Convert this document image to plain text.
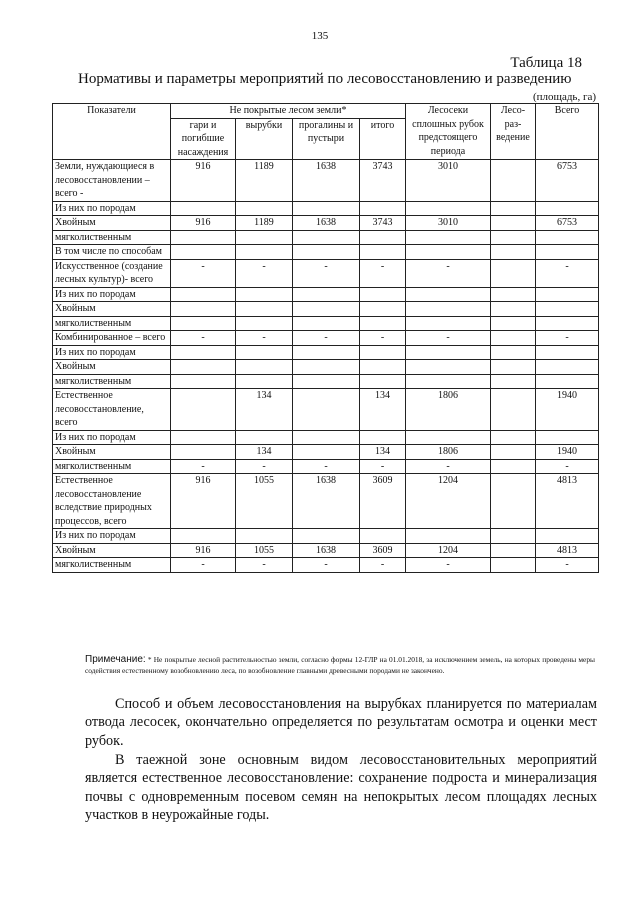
135
Таблица 18
Нормативы и параметры мероприятий по лесовосстановлению и разведению
(площадь, га)
Показатели	Не покрытые лесом земли*				Лесосеки сплошных рубок предстоящего периода	Лесо-раз-ведение	Всего
	гари и погибшие насаждения	вырубки	прогалины и пустыри	итого			
Земли, нуждающиеся в лесовосстановлении – всего -	916	1189	1638	3743	3010		6753
Из них по породам							
Хвойным	916	1189	1638	3743	3010		6753
мягколиственным							
В том числе по способам							
Искусственное (создание лесных культур)- всего	-	-	-	-	-		-
Из них по породам							
Хвойным							
мягколиственным							
Комбинированное – всего	-	-	-	-	-		-
Из них по породам							
Хвойным							
мягколиственным							
Естественное лесовосстановление, всего		134		134	1806		1940
Из них по породам							
Хвойным		134		134	1806		1940
мягколиственным	-	-	-	-	-		-
Естественное лесовосстановление вследствие природных процессов, всего	916	1055	1638	3609	1204		4813
Из них по породам							
Хвойным	916	1055	1638	3609	1204		4813
мягколиственным	-	-	-	-	-		-
Примечание: * Не покрытые лесной растительностью земли, согласно формы 12-ГЛР на 01.01.2018, за исключением земель, на которых проведены меры содействия естественному возобновлению леса, по возобновление главными древесными породами не закончено.

Способ и объем лесовосстановления на вырубках планируется по материалам отвода лесосек, окончательно определяется по результатам осмотра и оценки мест рубок.

В таежной зоне основным видом лесовосстановительных мероприятий является естественное лесовосстановление: сохранение подроста и минерализация почвы с одновременным посевом семян на непокрытых лесом площадях лесных участков в неурожайные годы.
